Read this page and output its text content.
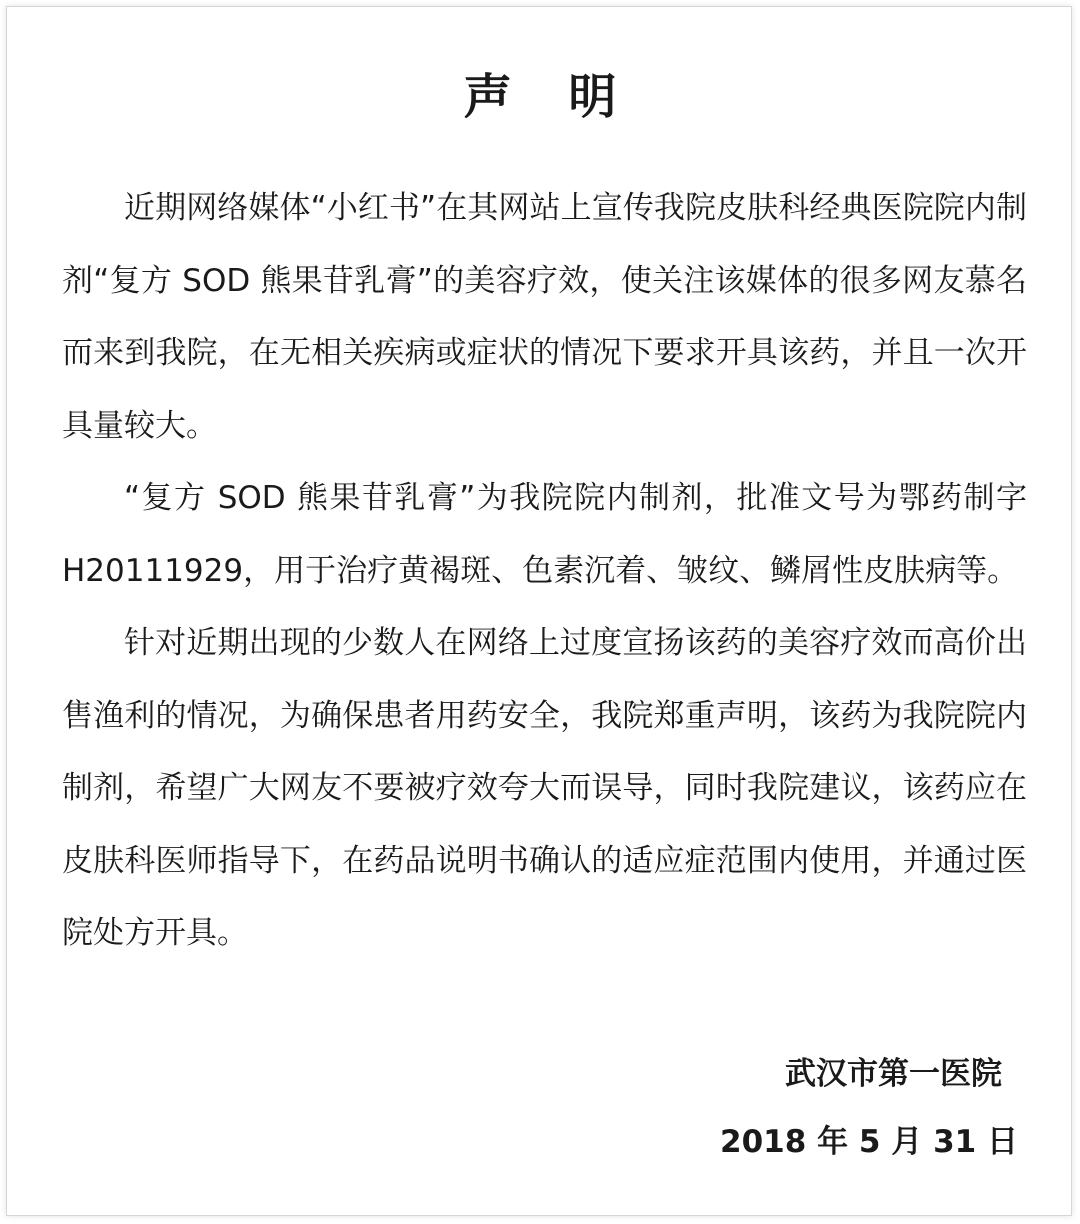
声 明

近期网络媒体“小红书”在其网站上宣传我院皮肤科经典医院院内制剂“复方 SOD 熊果苷乳膏”的美容疗效，使关注该媒体的很多网友慕名而来到我院，在无相关疾病或症状的情况下要求开具该药，并且一次开具量较大。

“复方 SOD 熊果苷乳膏”为我院院内制剂，批准文号为鄂药制字 H20111929，用于治疗黄褐斑、色素沉着、皱纹、鳞屑性皮肤病等。

针对近期出现的少数人在网络上过度宣扬该药的美容疗效而高价出售渔利的情况，为确保患者用药安全，我院郑重声明，该药为我院院内制剂，希望广大网友不要被疗效夸大而误导，同时我院建议，该药应在皮肤科医师指导下，在药品说明书确认的适应症范围内使用，并通过医院处方开具。

武汉市第一医院
2018 年 5 月 31 日
